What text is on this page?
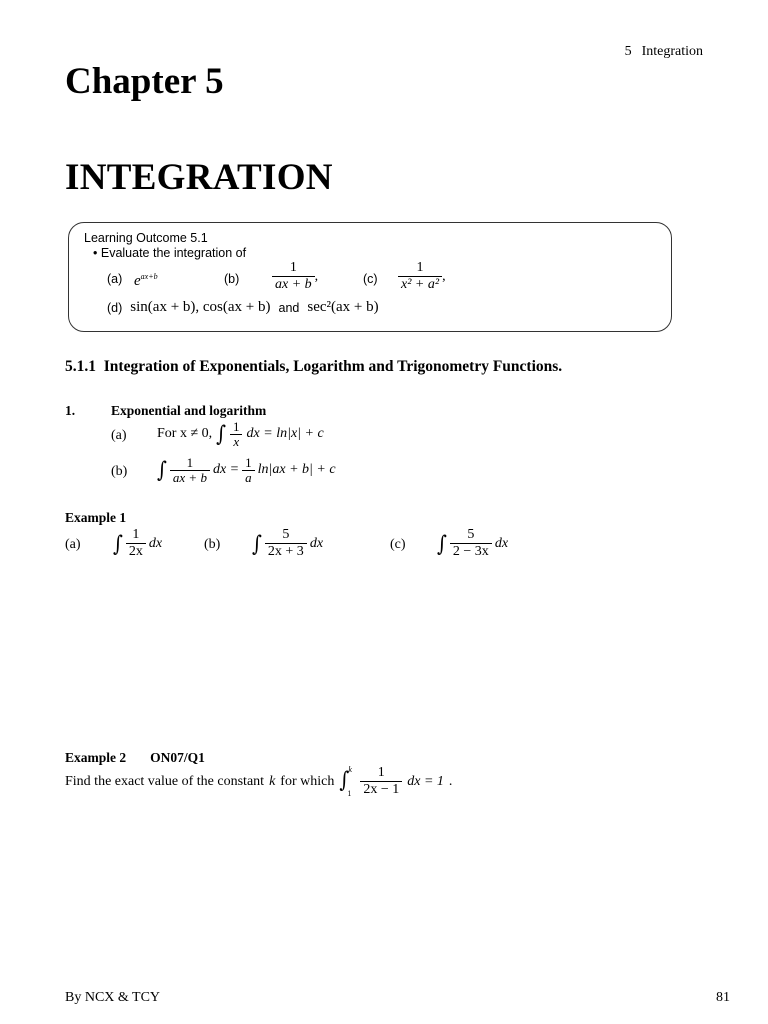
5 Integration
Chapter 5
INTEGRATION
Learning Outcome 5.1
• Evaluate the integration of
(a) $e^{ax+b}$	$(b) \frac{1}{ax + b}$ ,	$(c) \frac{1}{\text{x² + a²}}$ ,
(d) sin(ax + b), cos(ax + b) and sec²(ax + b)
5.1.1 Integration of Exponentials, Logarithm and Trigonometry Functions.
1.	Exponential and logarithm
(a) For x ≠ 0, ∫ $\frac{1}{x}$ dx = ln|x| + c
(b) ∫ $\frac{1}{ax + b}$ dx = $\frac{1}{a} \ln|ax + b| + c$
Example 1
(a) ∫ $\frac{1}{2x}$ dx	(b) ∫ $\frac{5}{2x + 3}$ dx	(c) ∫ $\frac{5}{2 - 3x}$ dx
Example 2 ON07/Q1
Find the exact value of the constant k for which ∫ k
$1 \frac{1}{2x - 1}$ dx = 1 .
By NCX & TCY	81
